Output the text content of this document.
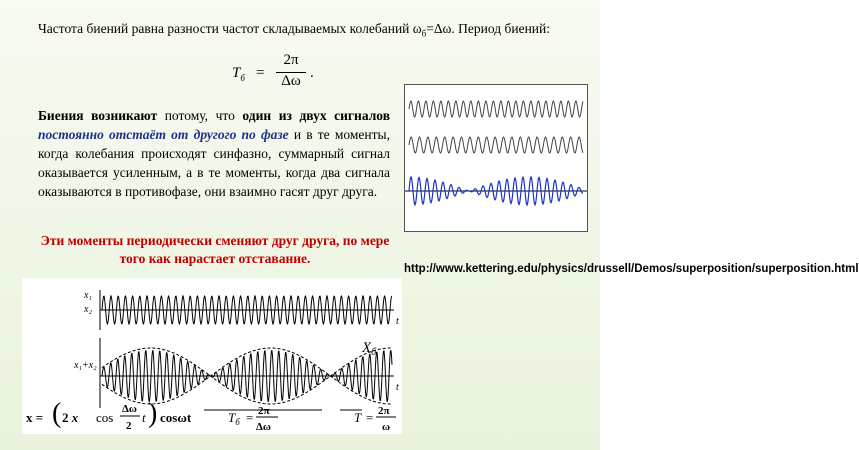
Частота биений равна разности частот складываемых колебаний $\omega_б=\Delta\omega$. Период биений:
$T_б = \frac{2\pi}{\Delta\omega}$ .
Биения возникают потому, что один из двух сигналов постоянно отстаёт от другого по фазе и в те моменты, когда колебания происходят синфазно, суммарный сигнал оказывается усиленным, а в те моменты, когда два сигнала оказываются в противофазе, они взаимно гасят друг друга.
Эти моменты периодически сменяют друг друга, по мере того как нарастает отставание.
http://www.kettering.edu/physics/drussell/Demos/superposition/superposition.html
x₁
x₂
t
x₁+x₂
t
$X_б$
x = ( 2 x cos
Δω
2
t ) cosωt	$T_б = 2\pi$
Δω
T = 2π
ω
